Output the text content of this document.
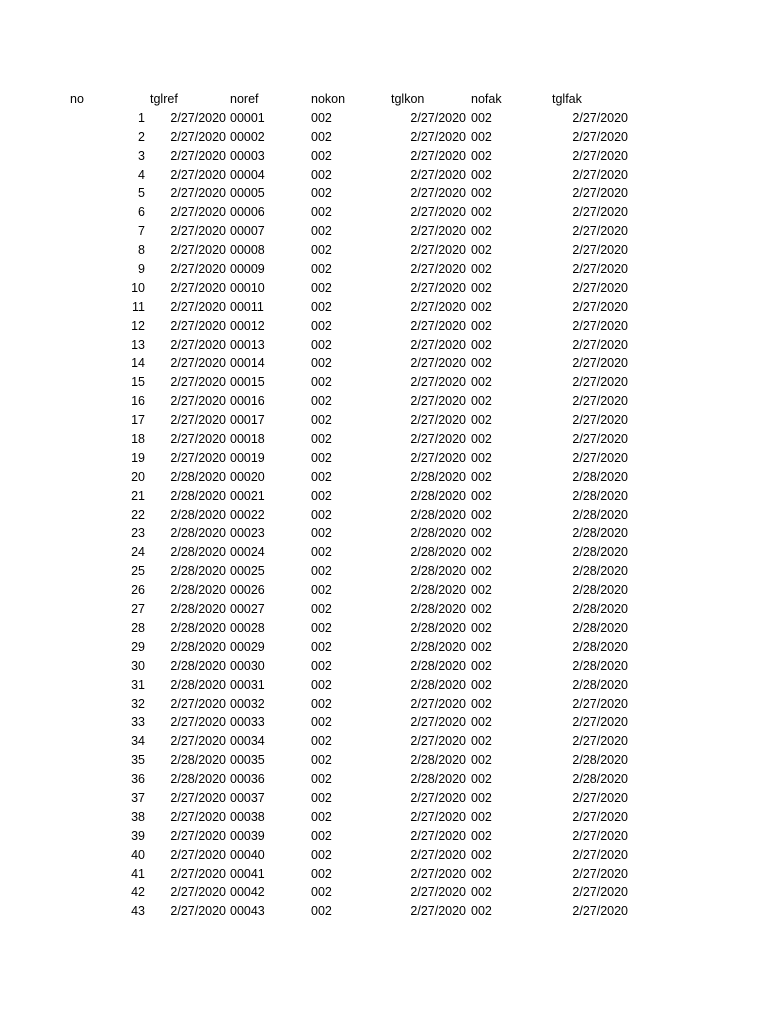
no	tglref	noref	nokon	tglkon	nofak	tglfak
1 2/27/2020 00001	002	2/27/2020 002	2/27/2020
2 2/27/2020 00002	002	2/27/2020 002	2/27/2020
3 2/27/2020 00003	002	2/27/2020 002	2/27/2020
4 2/27/2020 00004	002	2/27/2020 002	2/27/2020
5 2/27/2020 00005	002	2/27/2020 002	2/27/2020
6 2/27/2020 00006	002	2/27/2020 002	2/27/2020
7 2/27/2020 00007	002	2/27/2020 002	2/27/2020
8 2/27/2020 00008	002	2/27/2020 002	2/27/2020
9 2/27/2020 00009	002	2/27/2020 002	2/27/2020
10 2/27/2020 00010	002	2/27/2020 002	2/27/2020
11 2/27/2020 00011	002	2/27/2020 002	2/27/2020
12 2/27/2020 00012	002	2/27/2020 002	2/27/2020
13 2/27/2020 00013	002	2/27/2020 002	2/27/2020
14 2/27/2020 00014	002	2/27/2020 002	2/27/2020
15 2/27/2020 00015	002	2/27/2020 002	2/27/2020
16 2/27/2020 00016	002	2/27/2020 002	2/27/2020
17 2/27/2020 00017	002	2/27/2020 002	2/27/2020
18 2/27/2020 00018	002	2/27/2020 002	2/27/2020
19 2/27/2020 00019	002	2/27/2020 002	2/27/2020
20 2/28/2020 00020	002	2/28/2020 002	2/28/2020
21 2/28/2020 00021	002	2/28/2020 002	2/28/2020
22 2/28/2020 00022	002	2/28/2020 002	2/28/2020
23 2/28/2020 00023	002	2/28/2020 002	2/28/2020
24 2/28/2020 00024	002	2/28/2020 002	2/28/2020
25 2/28/2020 00025	002	2/28/2020 002	2/28/2020
26 2/28/2020 00026	002	2/28/2020 002	2/28/2020
27 2/28/2020 00027	002	2/28/2020 002	2/28/2020
28 2/28/2020 00028	002	2/28/2020 002	2/28/2020
29 2/28/2020 00029	002	2/28/2020 002	2/28/2020
30 2/28/2020 00030	002	2/28/2020 002	2/28/2020
31 2/28/2020 00031	002	2/28/2020 002	2/28/2020
32 2/27/2020 00032	002	2/27/2020 002	2/27/2020
33 2/27/2020 00033	002	2/27/2020 002	2/27/2020
34 2/27/2020 00034	002	2/27/2020 002	2/27/2020
35 2/28/2020 00035	002	2/28/2020 002	2/28/2020
36 2/28/2020 00036	002	2/28/2020 002	2/28/2020
37 2/27/2020 00037	002	2/27/2020 002	2/27/2020
38 2/27/2020 00038	002	2/27/2020 002	2/27/2020
39 2/27/2020 00039	002	2/27/2020 002	2/27/2020
40 2/27/2020 00040	002	2/27/2020 002	2/27/2020
41 2/27/2020 00041	002	2/27/2020 002	2/27/2020
42 2/27/2020 00042	002	2/27/2020 002	2/27/2020
43 2/27/2020 00043	002	2/27/2020 002	2/27/2020
